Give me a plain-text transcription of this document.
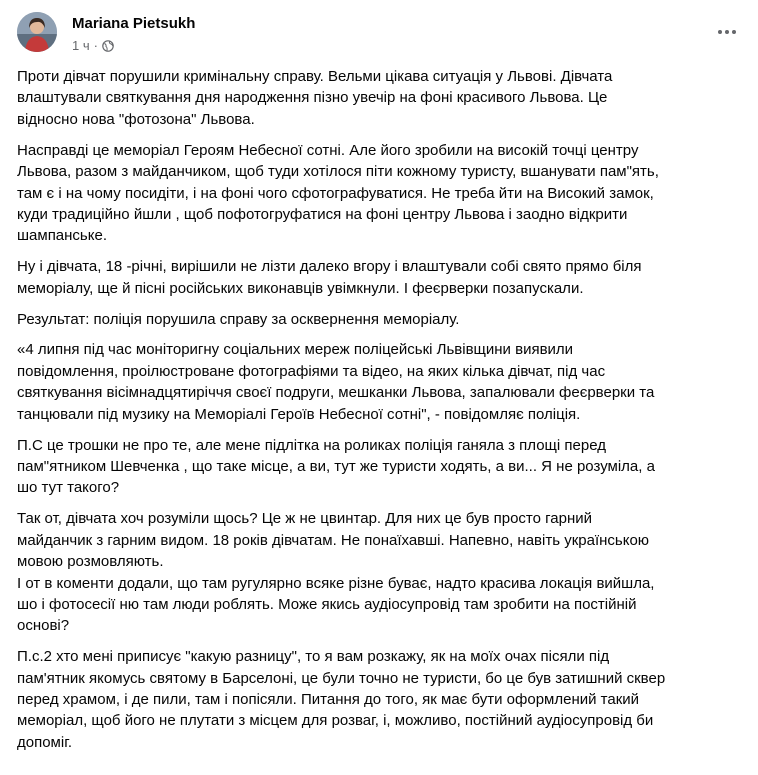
Mariana Pietsukh
1 ч ·

Проти дівчат порушили кримінальну справу. Вельми цікава ситуація у Львові. Дівчата
влаштували святкування дня народження пізно увечір на фоні красивого Львова. Це
відносно нова "фотозона" Львова.

Насправді це меморіал Героям Небесної сотні. Але його зробили на високій точці центру
Львова, разом з майданчиком, щоб туди хотілося піти кожному туристу, вшанувати пам"ять,
там є і на чому посидіти, і на фоні чого сфотографуватися. Не треба йти на Високий замок,
куди традиційно йшли , щоб пофотогруфатися на фоні центру Львова і заодно відкрити
шампанське.

Ну і дівчата, 18 -річні, вирішили не лізти далеко вгору і влаштували собі свято прямо біля
меморіалу, ще й пісні російських виконавців увімкнули. І феєрверки позапускали.

Результат: поліція порушила справу за осквернення меморіалу.

«4 липня під час моніторигну соціальних мереж поліцейські Львівщини виявили
повідомлення, проілюстроване фотографіями та відео, на яких кілька дівчат, під час
святкування вісімнадцятиріччя своєї подруги, мешканки Львова, запалювали феєрверки та
танцювали під музику на Меморіалі Героїв Небесної сотні", - повідомляє поліція.

П.С це трошки не про те, але мене підлітка на роликах поліція ганяла з площі перед
пам"ятником Шевченка , що таке місце, а ви, тут же туристи ходять, а ви... Я не розуміла, а
шо тут такого?

Так от, дівчата хоч розуміли щось? Це ж не цвинтар. Для них це був просто гарний
майданчик з гарним видом. 18 років дівчатам. Не понаїхавші. Напевно, навіть українською
мовою розмовляють.
І от в коменти додали, що там ругулярно всяке різне буває, надто красива локація вийшла,
шо і фотосесії ню там люди роблять. Може якись аудіосупровід там зробити на постійній
основі?

П.с.2 хто мені приписує "какую разницу", то я вам розкажу, як на моїх очах пісяли під
пам'ятник якомусь святому в Барселоні, це були точно не туристи, бо це був затишний сквер
перед храмом, і де пили, там і попісяли. Питання до того, як має бути оформлений такий
меморіал, щоб його не плутати з місцем для розваг, і, можливо, постійний аудіосупровід би
допоміг.
